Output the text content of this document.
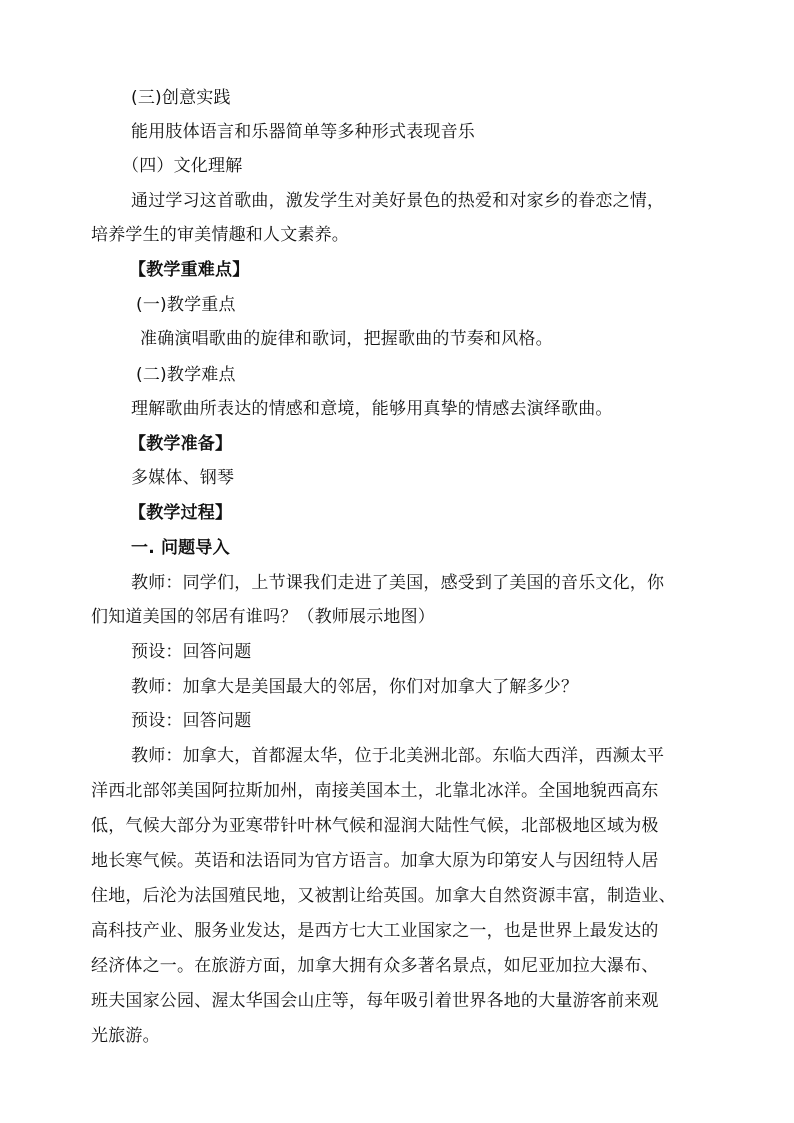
(三)创意实践
能用肢体语言和乐器简单等多种形式表现音乐
（四）文化理解
通过学习这首歌曲，激发学生对美好景色的热爱和对家乡的眷恋之情，
培养学生的审美情趣和人文素养。
【教学重难点】
(一)教学重点
准确演唱歌曲的旋律和歌词，把握歌曲的节奏和风格。
(二)教学难点
理解歌曲所表达的情感和意境，能够用真挚的情感去演绎歌曲。
【教学准备】
多媒体、钢琴
【教学过程】
一. 问题导入
教师：同学们，上节课我们走进了美国，感受到了美国的音乐文化，你
们知道美国的邻居有谁吗？（教师展示地图）
预设：回答问题
教师：加拿大是美国最大的邻居，你们对加拿大了解多少？
预设：回答问题
教师：加拿大，首都渥太华，位于北美洲北部。东临大西洋，西濒太平
洋西北部邻美国阿拉斯加州，南接美国本土，北靠北冰洋。全国地貌西高东
低，气候大部分为亚寒带针叶林气候和湿润大陆性气候，北部极地区域为极
地长寒气候。英语和法语同为官方语言。加拿大原为印第安人与因纽特人居
住地，后沦为法国殖民地，又被割让给英国。加拿大自然资源丰富，制造业、
高科技产业、服务业发达，是西方七大工业国家之一，也是世界上最发达的
经济体之一。在旅游方面，加拿大拥有众多著名景点，如尼亚加拉大瀑布、
班夫国家公园、渥太华国会山庄等，每年吸引着世界各地的大量游客前来观
光旅游。
